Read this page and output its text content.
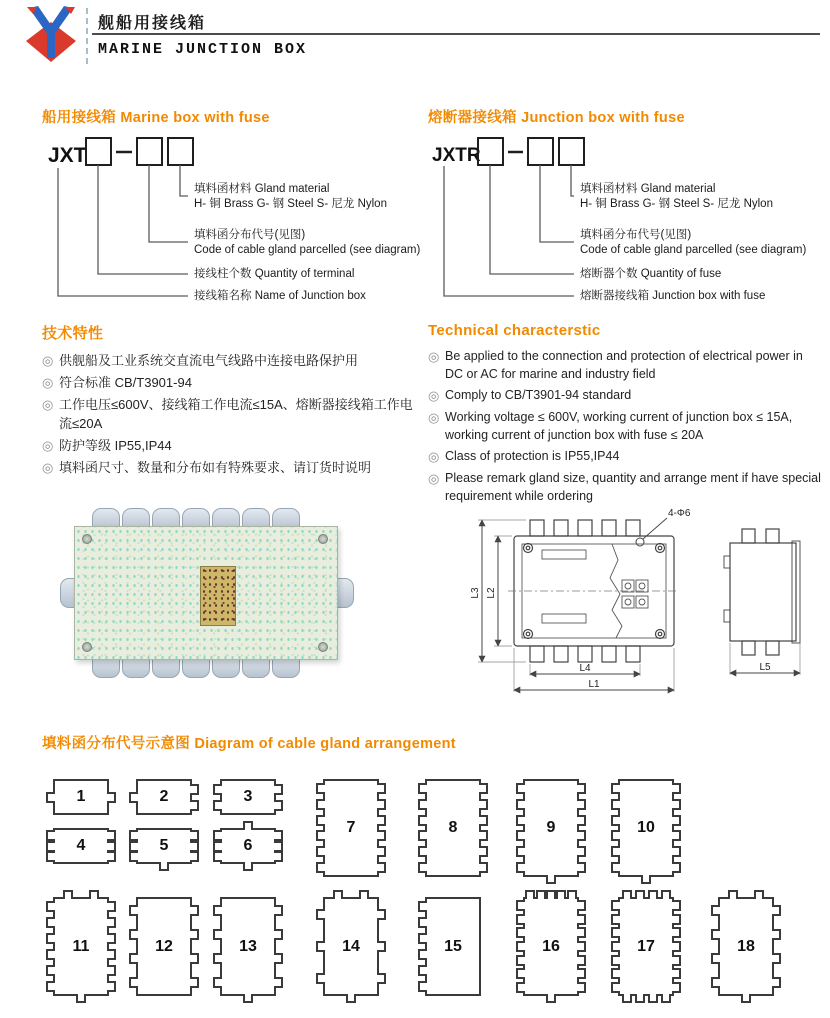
舰船用接线箱
MARINE JUNCTION BOX
船用接线箱 Marine box with fuse	熔断器接线箱 Junction box with fuse
JXT
填料函材料 Gland material
H- 铜 Brass G- 钢 Steel S- 尼龙 Nylon
填料函分布代号(见图)
Code of cable gland parcelled (see diagram)
接线柱个数 Quantity of terminal
接线箱名称 Name of Junction box
JXTR
填料函材料 Gland material
H- 铜 Brass G- 钢 Steel S- 尼龙 Nylon
填料函分布代号(见图)
Code of cable gland parcelled (see diagram)
熔断器个数 Quantity of fuse
熔断器接线箱 Junction box with fuse
技术特性
◎ 供舰船及工业系统交直流电气线路中连接电路保护用
◎ 符合标准 CB/T3901-94
◎ 工作电压≤600V、接线箱工作电流≤15A、熔断器接线箱工作电流≤20A
◎ 防护等级 IP55,IP44
◎ 填料函尺寸、数量和分布如有特殊要求、请订货时说明
Technical characterstic
◎ Be applied to the connection and protection of electrical power in DC or AC for marine and industry field
◎ Comply to CB/T3901-94 standard
◎ Working voltage ≤ 600V, working current of junction box ≤ 15A, working current of junction box with fuse ≤ 20A
◎ Class of protection is IP55,IP44
◎ Please remark gland size, quantity and arrange ment if have special requirement while ordering
4-Φ6
L3 L2
L4
L1
L5
填料函分布代号示意图 Diagram of cable gland arrangement
1	2	3
4	5	6
7	8	9	10
11	12	13	14	15	16	17	18
